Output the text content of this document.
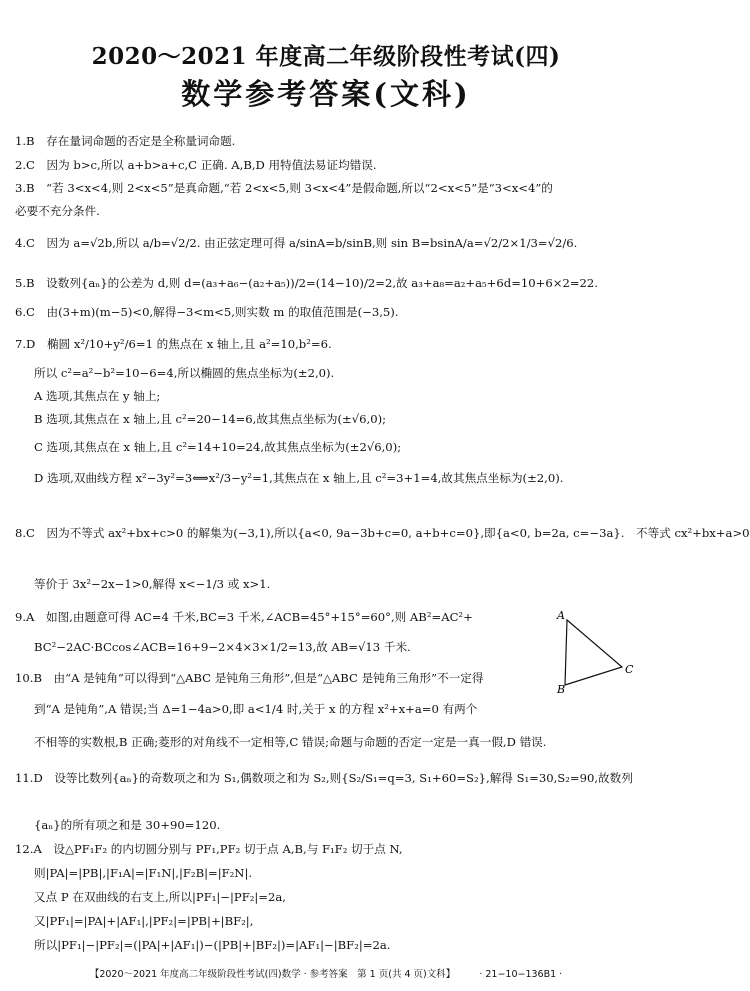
2020～2021 年度高二年级阶段性考试(四)
数学参考答案(文科)
1.B　存在量词命题的否定是全称量词命题.
2.C　因为 b>c,所以 a+b>a+c,C 正确. A,B,D 用特值法易证均错误.
3.B　“若 3<x<4,则 2<x<5”是真命题,“若 2<x<5,则 3<x<4”是假命题,所以“2<x<5”是“3<x<4”的
必要不充分条件.
4.C　因为 a=√2b,所以 a/b=√2/2. 由正弦定理可得 a/sinA=b/sinB,则 sin B=bsinA/a=√2/2×1/3=√2/6.
5.B　设数列{aₙ}的公差为 d,则 d=(a₃+a₆−(a₂+a₅))/2=(14−10)/2=2,故 a₃+a₈=a₂+a₅+6d=10+6×2=22.
6.C　由(3+m)(m−5)<0,解得−3<m<5,则实数 m 的取值范围是(−3,5).
7.D　椭圆 x²/10+y²/6=1 的焦点在 x 轴上,且 a²=10,b²=6.
所以 c²=a²−b²=10−6=4,所以椭圆的焦点坐标为(±2,0).
A 选项,其焦点在 y 轴上;
B 选项,其焦点在 x 轴上,且 c²=20−14=6,故其焦点坐标为(±√6,0);
C 选项,其焦点在 x 轴上,且 c²=14+10=24,故其焦点坐标为(±2√6,0);
D 选项,双曲线方程 x²−3y²=3⟺x²/3−y²=1,其焦点在 x 轴上,且 c²=3+1=4,故其焦点坐标为(±2,0).
8.C　因为不等式 ax²+bx+c>0 的解集为(−3,1),所以{a<0, 9a−3b+c=0, a+b+c=0},即{a<0, b=2a, c=−3a}.　不等式 cx²+bx+a>0
等价于 3x²−2x−1>0,解得 x<−1/3 或 x>1.
9.A　如图,由题意可得 AC=4 千米,BC=3 千米,∠ACB=45°+15°=60°,则 AB²=AC²+
BC²−2AC·BCcos∠ACB=16+9−2×4×3×1/2=13,故 AB=√13 千米.
10.B　由“A 是钝角”可以得到“△ABC 是钝角三角形”,但是“△ABC 是钝角三角形”不一定得
到“A 是钝角”,A 错误;当 Δ=1−4a>0,即 a<1/4 时,关于 x 的方程 x²+x+a=0 有两个
不相等的实数根,B 正确;菱形的对角线不一定相等,C 错误;命题与命题的否定一定是一真一假,D 错误.
11.D　设等比数列{aₙ}的奇数项之和为 S₁,偶数项之和为 S₂,则{S₂/S₁=q=3, S₁+60=S₂},解得 S₁=30,S₂=90,故数列
{aₙ}的所有项之和是 30+90=120.
12.A　设△PF₁F₂ 的内切圆分别与 PF₁,PF₂ 切于点 A,B,与 F₁F₂ 切于点 N,
则|PA|=|PB|,|F₁A|=|F₁N|,|F₂B|=|F₂N|.
又点 P 在双曲线的右支上,所以|PF₁|−|PF₂|=2a,
又|PF₁|=|PA|+|AF₁|,|PF₂|=|PB|+|BF₂|,
所以|PF₁|−|PF₂|=(|PA|+|AF₁|)−(|PB|+|BF₂|)=|AF₁|−|BF₂|=2a.
A
C
B
【2020～2021 年度高二年级阶段性考试(四)数学 · 参考答案　第 1 页(共 4 页)文科】	· 21−10−136B1 ·
